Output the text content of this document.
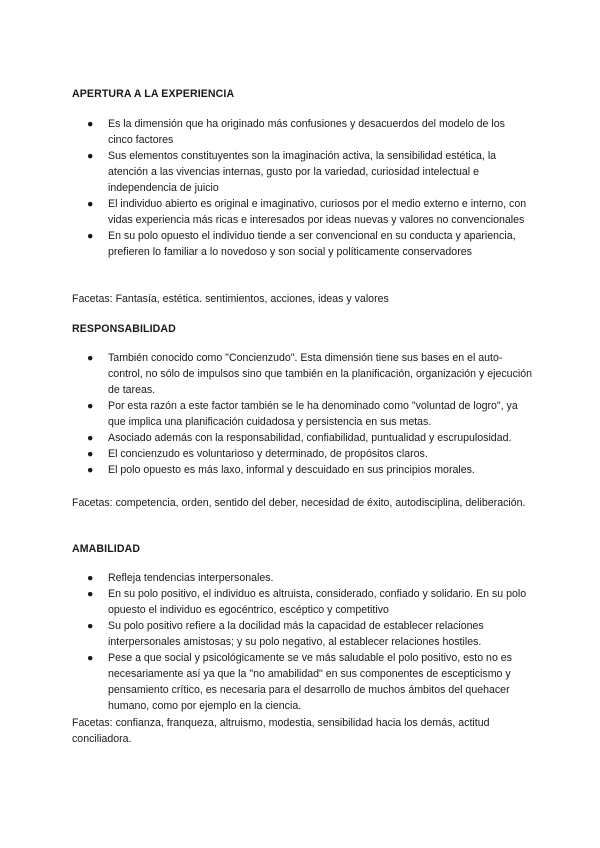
APERTURA A LA EXPERIENCIA
● Es la dimensión que ha originado más confusiones y desacuerdos del modelo de los cinco factores
● Sus elementos constituyentes son la imaginación activa, la sensibilidad estética, la atención a las vivencias internas, gusto por la variedad, curiosidad intelectual e independencia de juicio
● El individuo abierto es original e imaginativo, curiosos por el medio externo e interno, con vidas experiencia más ricas e interesados por ideas nuevas y valores no convencionales
● En su polo opuesto el individuo tiende a ser convencional en su conducta y apariencia, prefieren lo familiar a lo novedoso y son social y políticamente conservadores
Facetas: Fantasía, estética. sentimientos, acciones, ideas y valores
RESPONSABILIDAD
● También conocido como "Concienzudo". Esta dimensión tiene sus bases en el auto-control, no sólo de impulsos sino que también en la planificación, organización y ejecución de tareas.
● Por esta razón a este factor también se le ha denominado como "voluntad de logro", ya que implica una planificación cuidadosa y persistencia en sus metas.
● Asociado además con la responsabilidad, confiabilidad, puntualidad y escrupulosidad.
● El concienzudo es voluntarioso y determinado, de propósitos claros.
● El polo opuesto es más laxo, informal y descuidado en sus principios morales.
Facetas: competencia, orden, sentido del deber, necesidad de éxito, autodisciplina, deliberación.
AMABILIDAD
● Refleja tendencias interpersonales.
● En su polo positivo, el individuo es altruista, considerado, confiado y solidario. En su polo opuesto el individuo es egocéntrico, escéptico y competitivo
● Su polo positivo refiere a la docilidad más la capacidad de establecer relaciones interpersonales amistosas; y su polo negativo, al establecer relaciones hostiles.
● Pese a que social y psicológicamente se ve más saludable el polo positivo, esto no es necesariamente así ya que la "no amabilidad" en sus componentes de escepticismo y pensamiento crítico, es necesaria para el desarrollo de muchos ámbitos del quehacer humano, como por ejemplo en la ciencia.
Facetas: confianza, franqueza, altruismo, modestia, sensibilidad hacia los demás, actitud conciliadora.
